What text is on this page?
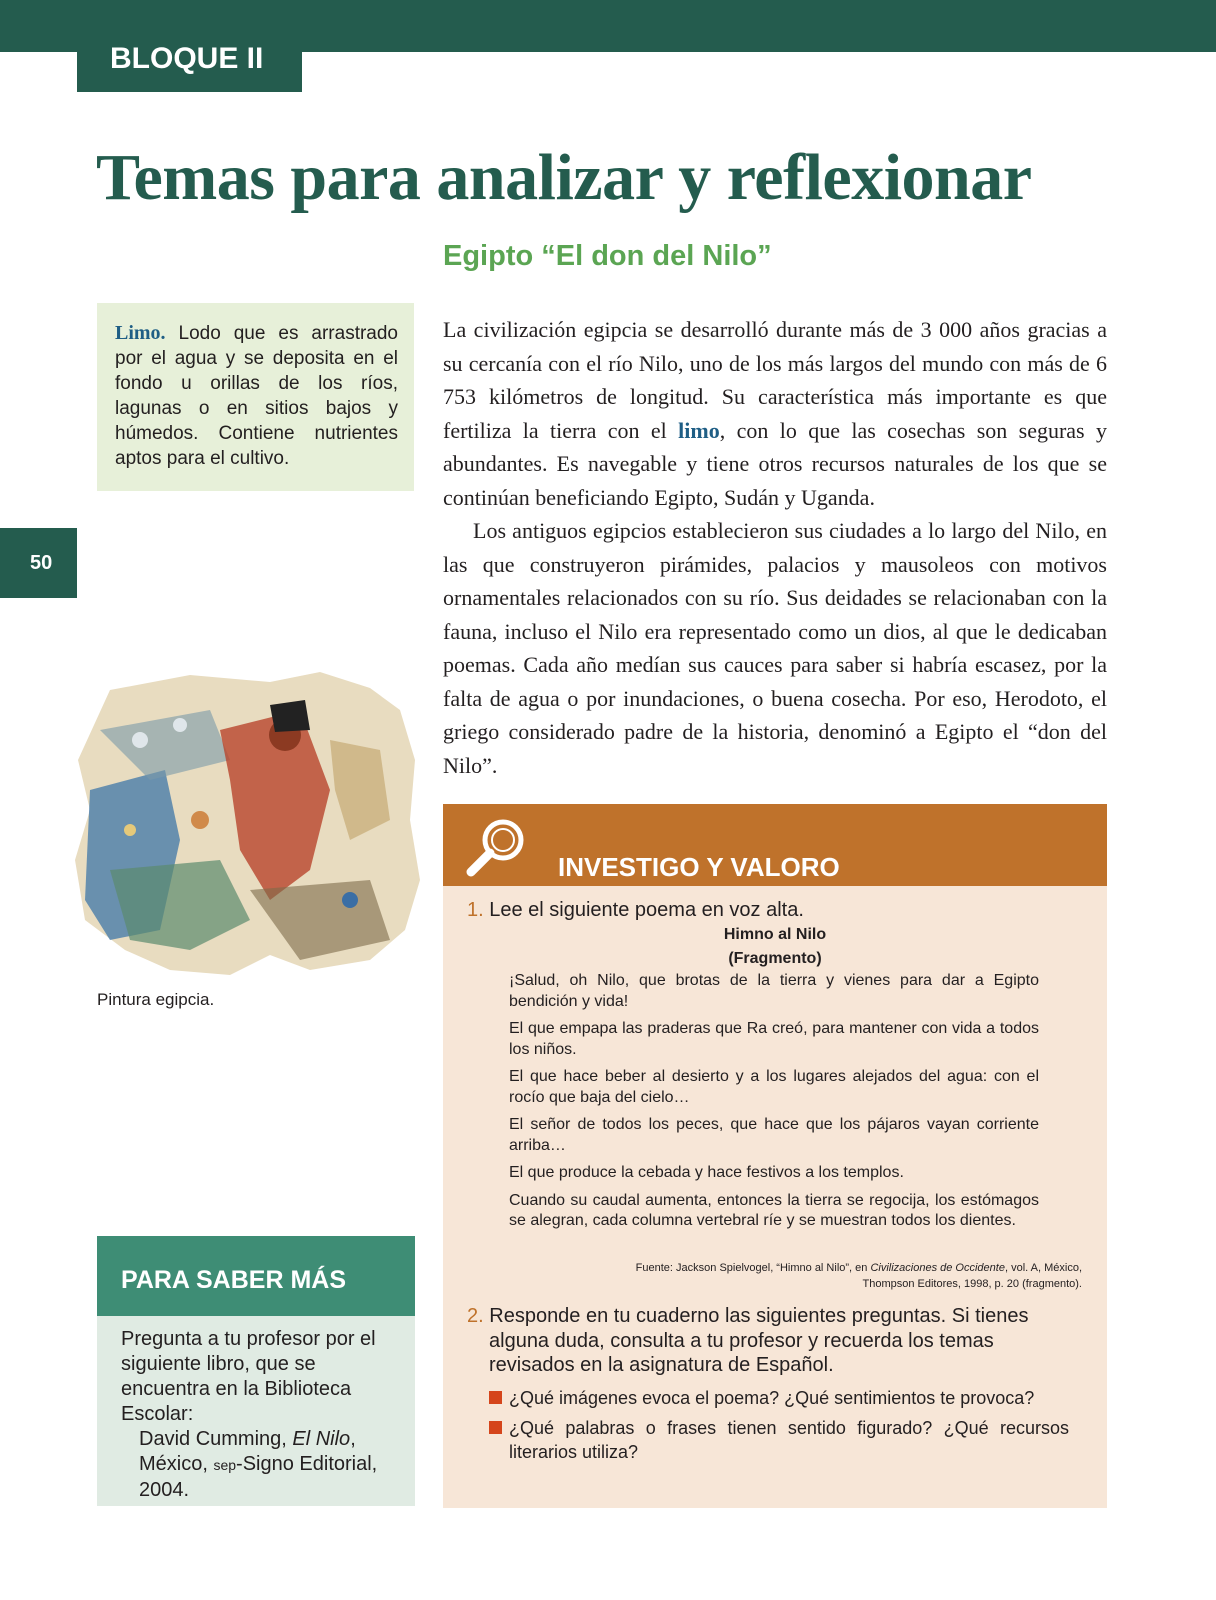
BLOQUE II
50
Temas para analizar y reflexionar
Egipto “El don del Nilo”
Limo. Lodo que es arrastrado por el agua y se deposita en el fondo u orillas de los ríos, lagunas o en sitios bajos y húmedos. Contiene nutrientes aptos para el cultivo.

La civilización egipcia se desarrolló durante más de 3 000 años gracias a su cercanía con el río Nilo, uno de los más largos del mundo con más de 6 753 kilómetros de longitud. Su característica más importante es que fertiliza la tierra con el limo, con lo que las cosechas son seguras y abundantes. Es navegable y tiene otros recursos naturales de los que se continúan beneficiando Egipto, Sudán y Uganda.

Los antiguos egipcios establecieron sus ciudades a lo largo del Nilo, en las que construyeron pirámides, palacios y mausoleos con motivos ornamentales relacionados con su río. Sus deidades se relacionaban con la fauna, incluso el Nilo era representado como un dios, al que le dedicaban poemas. Cada año medían sus cauces para saber si habría escasez, por la falta de agua o por inundaciones, o buena cosecha. Por eso, Herodoto, el griego considerado padre de la historia, denominó a Egipto el “don del Nilo”.

Pintura egipcia.
PARA SABER MÁS
Pregunta a tu profesor por el siguiente libro, que se encuentra en la Biblioteca Escolar:
David Cumming, El Nilo, México, sep-Signo Editorial, 2004.
INVESTIGO Y VALORO
1. Lee el siguiente poema en voz alta.
Himno al Nilo
(Fragmento)

¡Salud, oh Nilo, que brotas de la tierra y vienes para dar a Egipto bendición y vida!

El que empapa las praderas que Ra creó, para mantener con vida a todos los niños.

El que hace beber al desierto y a los lugares alejados del agua: con el rocío que baja del cielo…

El señor de todos los peces, que hace que los pájaros vayan corriente arriba…

El que produce la cebada y hace festivos a los templos.

Cuando su caudal aumenta, entonces la tierra se regocija, los estómagos se alegran, cada columna vertebral ríe y se muestran todos los dientes.

Fuente: Jackson Spielvogel, “Himno al Nilo”, en Civilizaciones de Occidente, vol. A, México, Thompson Editores, 1998, p. 20 (fragmento).
2. Responde en tu cuaderno las siguientes preguntas. Si tienes alguna duda, consulta a tu profesor y recuerda los temas revisados en la asignatura de Español.
¿Qué imágenes evoca el poema? ¿Qué sentimientos te provoca?
¿Qué palabras o frases tienen sentido figurado? ¿Qué recursos literarios utiliza?
